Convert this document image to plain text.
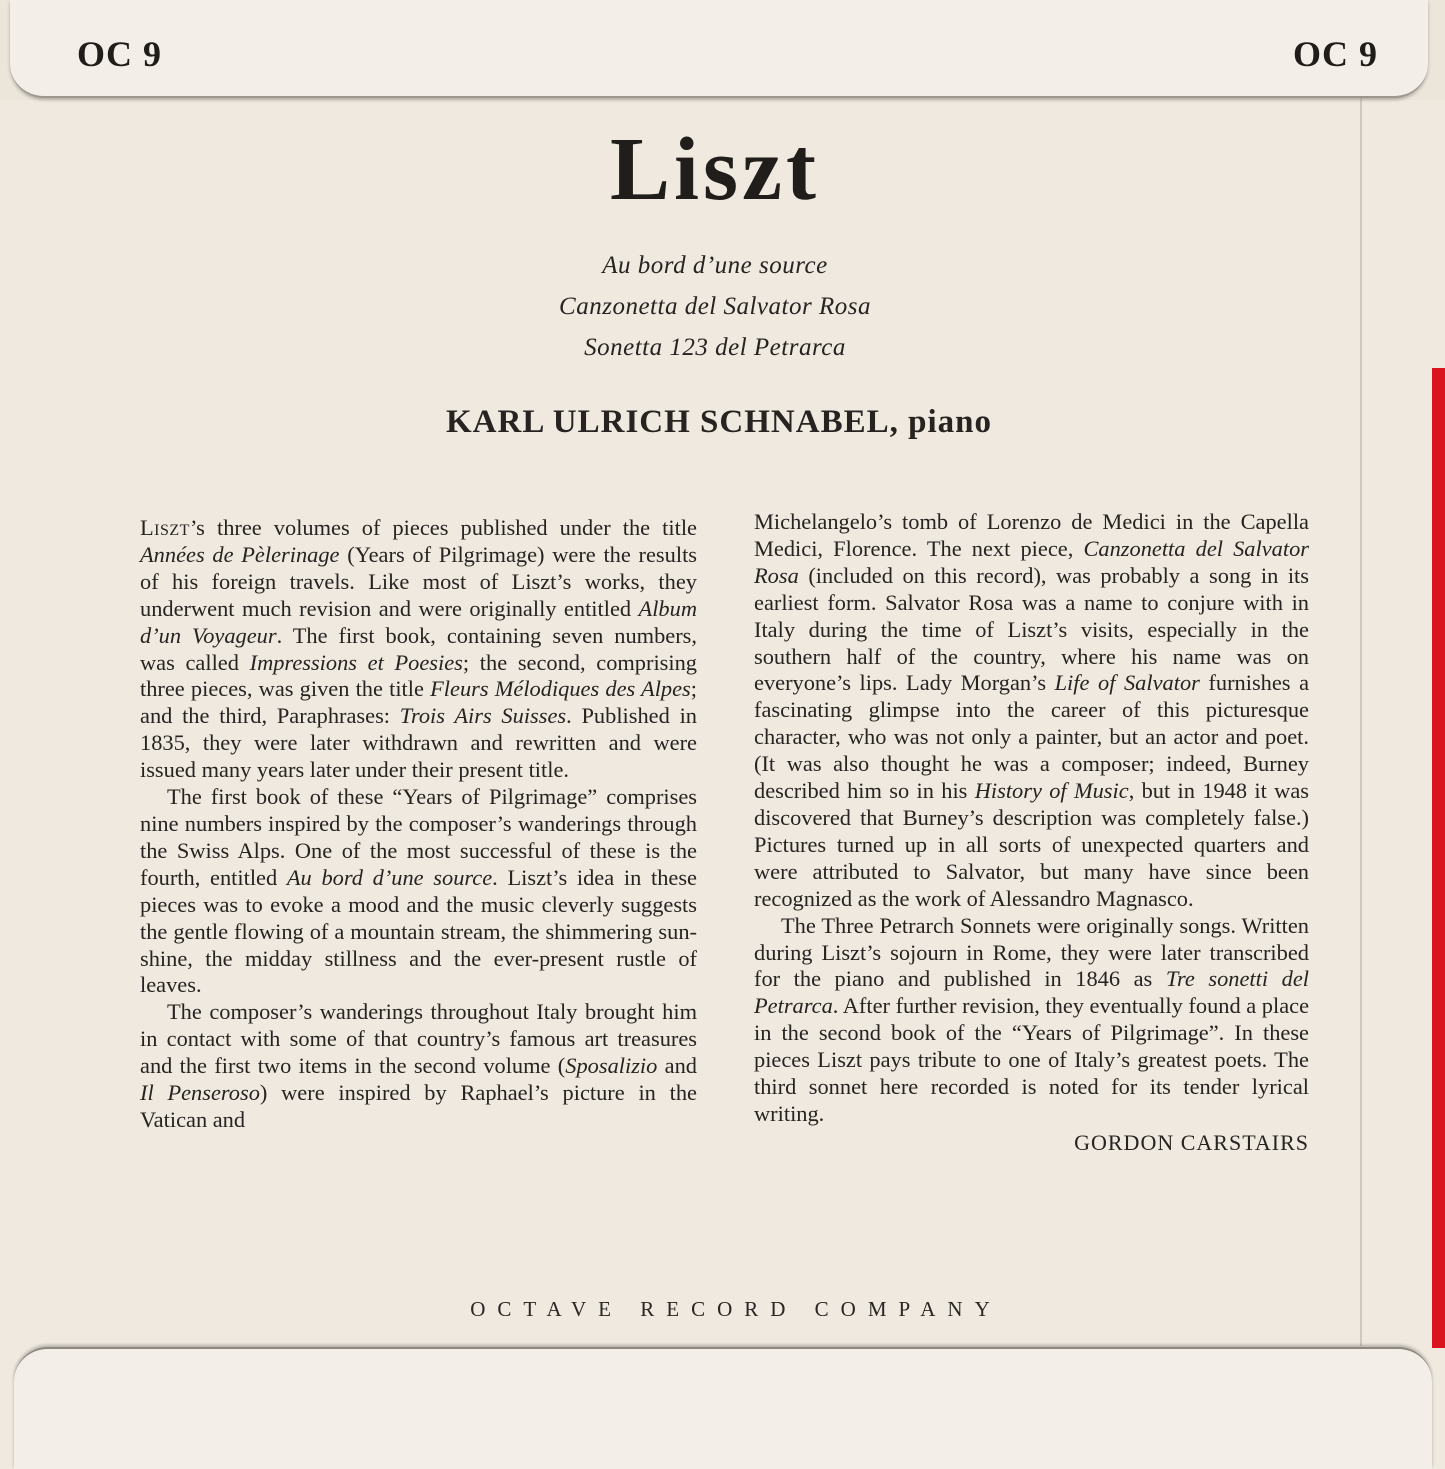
OC 9	OC 9
Liszt
Au bord d’une source
Canzonetta del Salvator Rosa
Sonetta 123 del Petrarca
KARL ULRICH SCHNABEL, piano

Liszt’s three volumes of pieces published under the title Années de Pèlerinage (Years of Pilgrimage) were the results of his foreign travels. Like most of Liszt’s works, they underwent much revision and were originally entitled Album d’un Voyageur. The first book, containing seven numbers, was called Impressions et Poesies; the second, comprising three pieces, was given the title Fleurs Mélodiques des Alpes; and the third, Paraphrases: Trois Airs Suisses. Published in 1835, they were later withdrawn and rewritten and were issued many years later under their present title.

The first book of these “Years of Pilgrimage” comprises nine numbers inspired by the composer’s wanderings through the Swiss Alps. One of the most successful of these is the fourth, entitled Au bord d’une source. Liszt’s idea in these pieces was to evoke a mood and the music cleverly suggests the gentle flowing of a mountain stream, the shimmering sunshine, the midday stillness and the ever-present rustle of leaves.

The composer’s wanderings throughout Italy brought him in contact with some of that country’s famous art treasures and the first two items in the second volume (Sposalizio and Il Penseroso) were inspired by Raphael’s picture in the Vatican and

Michelangelo’s tomb of Lorenzo de Medici in the Capella Medici, Florence. The next piece, Canzonetta del Salvator Rosa (included on this record), was probably a song in its earliest form. Salvator Rosa was a name to conjure with in Italy during the time of Liszt’s visits, especially in the southern half of the country, where his name was on everyone’s lips. Lady Morgan’s Life of Salvator furnishes a fascinating glimpse into the career of this picturesque character, who was not only a painter, but an actor and poet. (It was also thought he was a composer; indeed, Burney described him so in his History of Music, but in 1948 it was discovered that Burney’s description was completely false.) Pictures turned up in all sorts of unexpected quarters and were attributed to Salvator, but many have since been recognized as the work of Alessandro Magnasco.

The Three Petrarch Sonnets were originally songs. Written during Liszt’s sojourn in Rome, they were later transcribed for the piano and published in 1846 as Tre sonetti del Petrarca. After further revision, they eventually found a place in the second book of the “Years of Pilgrimage”. In these pieces Liszt pays tribute to one of Italy’s greatest poets. The third sonnet here recorded is noted for its tender lyrical writing.

GORDON CARSTAIRS
OCTAVE RECORD COMPANY
